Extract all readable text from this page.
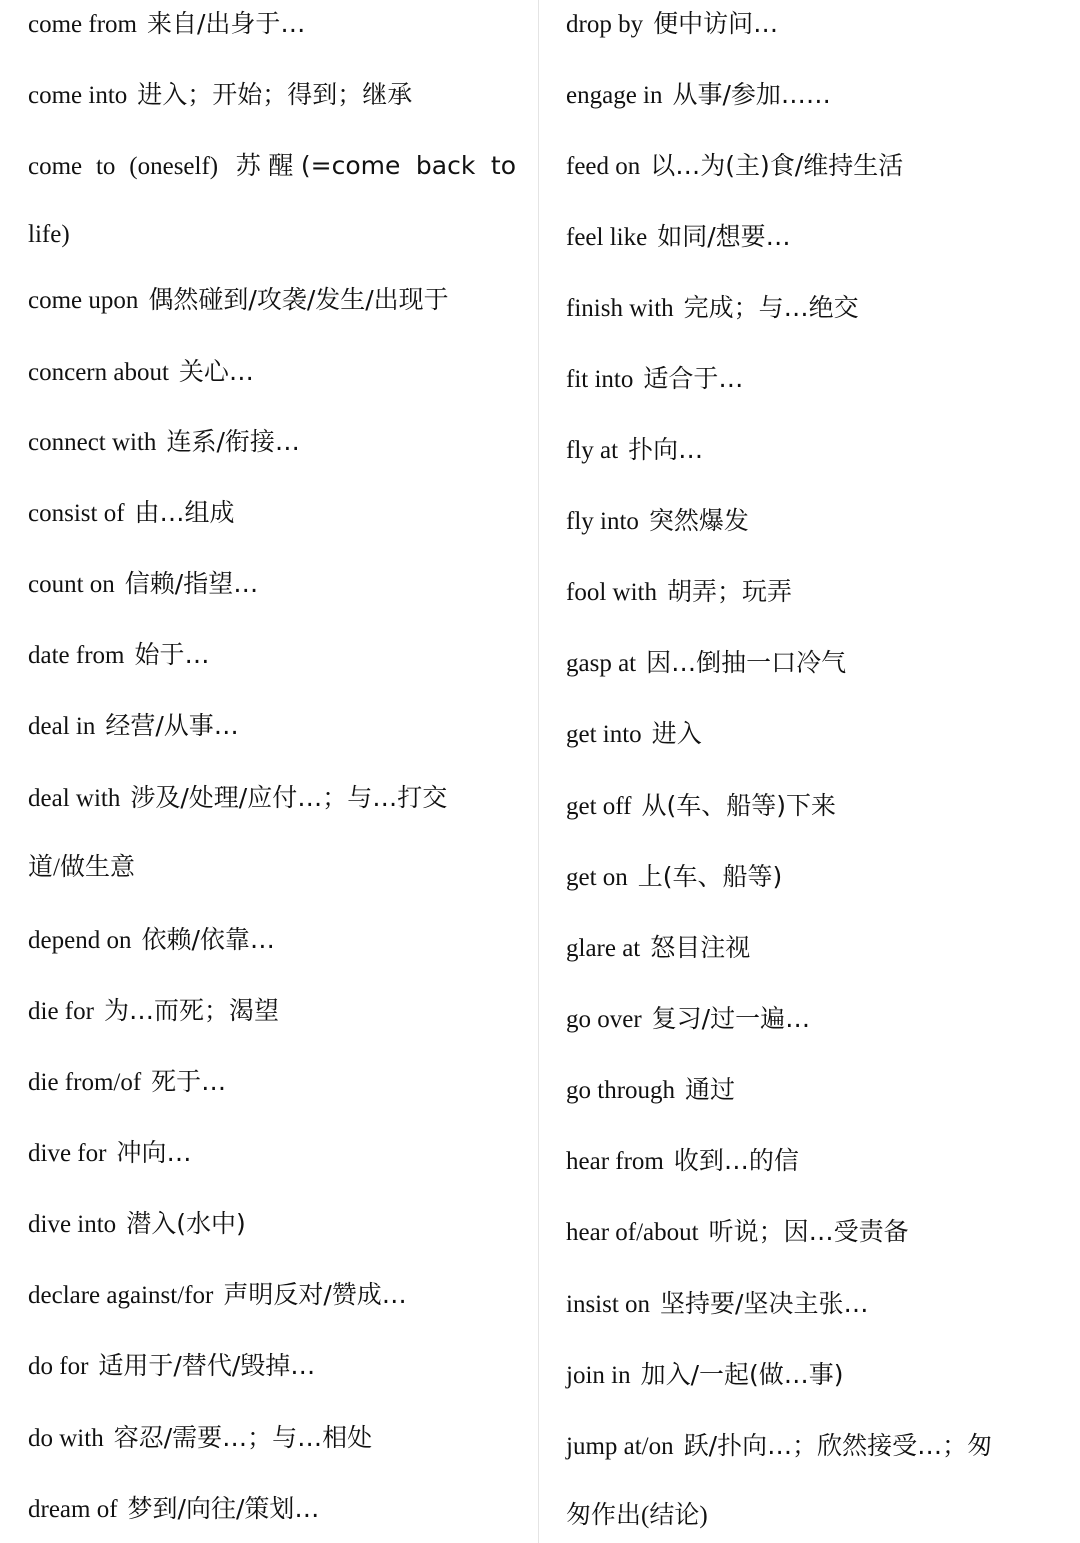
come from 来自/出身于…
come into 进入；开始；得到；继承
come to (oneself) 苏醒(=come back to
life)
come upon 偶然碰到/攻袭/发生/出现于
concern about 关心…
connect with 连系/衔接…
consist of 由…组成
count on 信赖/指望…
date from 始于…
deal in 经营/从事…
deal with 涉及/处理/应付…；与…打交
道/做生意
depend on 依赖/依靠…
die for 为…而死；渴望
die from/of 死于…
dive for 冲向…
dive into 潜入(水中)
declare against/for 声明反对/赞成…
do for 适用于/替代/毁掉…
do with 容忍/需要…；与…相处
dream of 梦到/向往/策划…
drop by 便中访问…
engage in 从事/参加……
feed on 以…为(主)食/维持生活
feel like 如同/想要…
finish with 完成；与…绝交
fit into 适合于…
fly at 扑向…
fly into 突然爆发
fool with 胡弄；玩弄
gasp at 因…倒抽一口冷气
get into 进入
get off 从(车、船等)下来
get on 上(车、船等)
glare at 怒目注视
go over 复习/过一遍…
go through 通过
hear from 收到…的信
hear of/about 听说；因…受责备
insist on 坚持要/坚决主张…
join in 加入/一起(做…事)
jump at/on 跃/扑向…；欣然接受…；匆
匆作出(结论)
